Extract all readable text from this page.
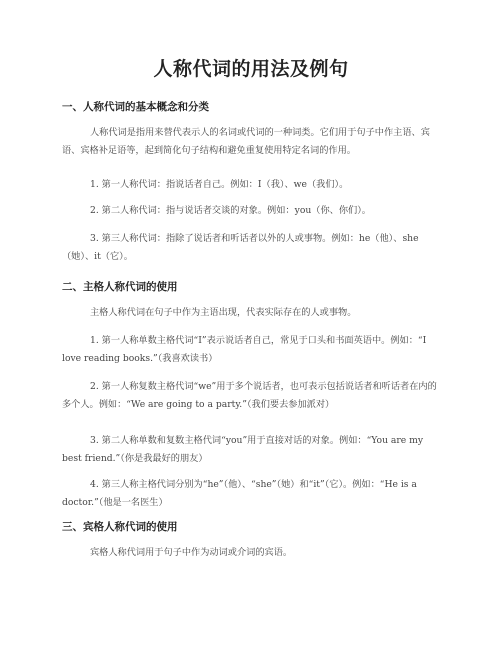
人称代词的用法及例句
一、人称代词的基本概念和分类

人称代词是指用来替代表示人的名词或代词的一种词类。它们用于句子中作主语、宾语、宾格补足语等，起到简化句子结构和避免重复使用特定名词的作用。

1. 第一人称代词：指说话者自己。例如：I（我）、we（我们）。

2. 第二人称代词：指与说话者交谈的对象。例如：you（你、你们）。

3. 第三人称代词：指除了说话者和听话者以外的人或事物。例如：he（他）、she（她）、it（它）。

二、主格人称代词的使用

主格人称代词在句子中作为主语出现，代表实际存在的人或事物。

1. 第一人称单数主格代词“I”表示说话者自己，常见于口头和书面英语中。例如：“I love reading books.”（我喜欢读书）

2. 第一人称复数主格代词“we”用于多个说话者，也可表示包括说话者和听话者在内的多个人。例如：“We are going to a party.”（我们要去参加派对）

3. 第二人称单数和复数主格代词“you”用于直接对话的对象。例如：“You are my best friend.”（你是我最好的朋友）

4. 第三人称主格代词分别为“he”（他）、“she”（她）和“it”（它）。例如：“He is a doctor.”（他是一名医生）

三、宾格人称代词的使用

宾格人称代词用于句子中作为动词或介词的宾语。
